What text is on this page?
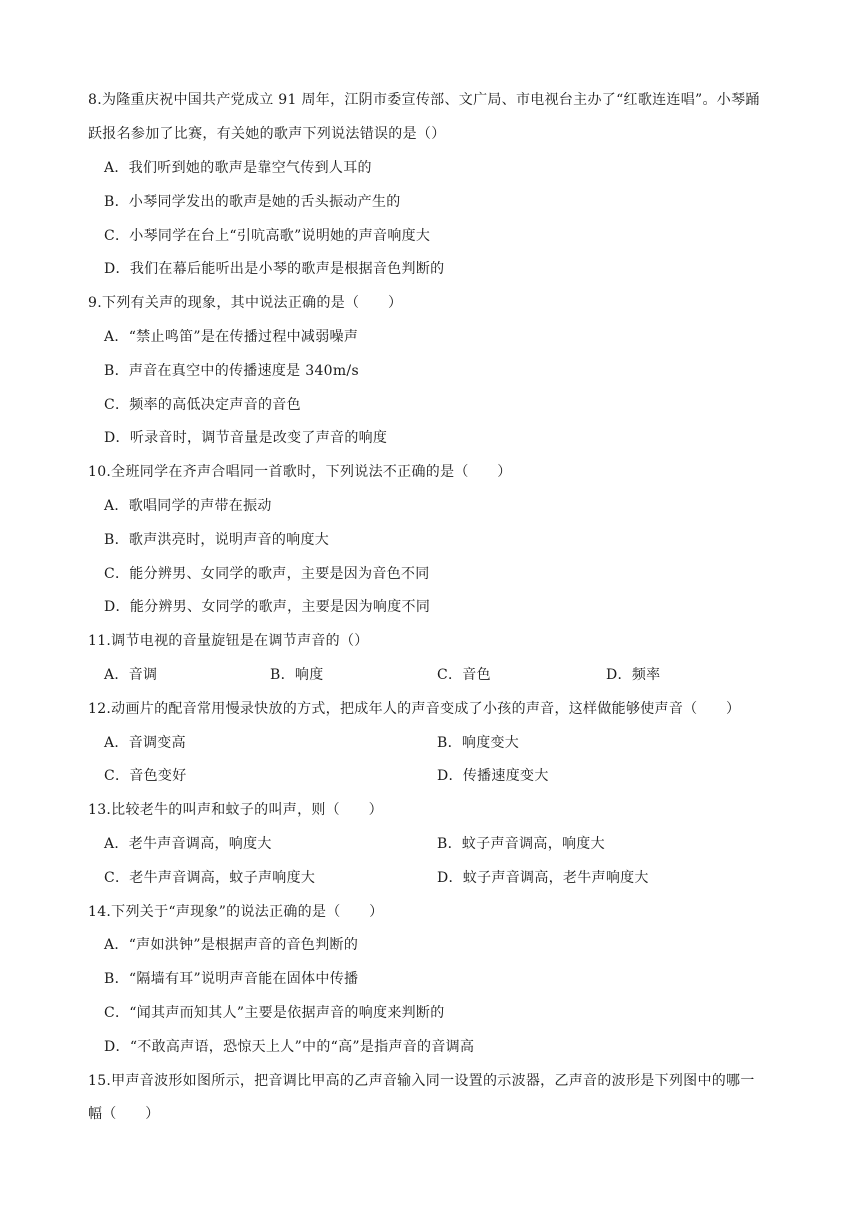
8.为隆重庆祝中国共产党成立 91 周年，江阴市委宣传部、文广局、市电视台主办了“红歌连连唱”。小琴踊
跃报名参加了比赛，有关她的歌声下列说法错误的是（）
A．我们听到她的歌声是靠空气传到人耳的
B．小琴同学发出的歌声是她的舌头振动产生的
C．小琴同学在台上“引吭高歌”说明她的声音响度大
D．我们在幕后能听出是小琴的歌声是根据音色判断的
9.下列有关声的现象，其中说法正确的是（　　）
A．“禁止鸣笛”是在传播过程中减弱噪声
B．声音在真空中的传播速度是 340m/s
C．频率的高低决定声音的音色
D．听录音时，调节音量是改变了声音的响度
10.全班同学在齐声合唱同一首歌时，下列说法不正确的是（　　）
A．歌唱同学的声带在振动
B．歌声洪亮时，说明声音的响度大
C．能分辨男、女同学的歌声，主要是因为音色不同
D．能分辨男、女同学的歌声，主要是因为响度不同
11.调节电视的音量旋钮是在调节声音的（）
A．音调	B．响度	C．音色	D．频率
12.动画片的配音常用慢录快放的方式，把成年人的声音变成了小孩的声音，这样做能够使声音（　　）
A．音调变高	B．响度变大
C．音色变好	D．传播速度变大
13.比较老牛的叫声和蚊子的叫声，则（　　）
A．老牛声音调高，响度大	B．蚊子声音调高，响度大
C．老牛声音调高，蚊子声响度大	D．蚊子声音调高，老牛声响度大
14.下列关于“声现象”的说法正确的是（　　）
A．“声如洪钟”是根据声音的音色判断的
B．“隔墙有耳”说明声音能在固体中传播
C．“闻其声而知其人”主要是依据声音的响度来判断的
D．“不敢高声语，恐惊天上人”中的“高”是指声音的音调高
15.甲声音波形如图所示，把音调比甲高的乙声音输入同一设置的示波器，乙声音的波形是下列图中的哪一
幅（　　）
